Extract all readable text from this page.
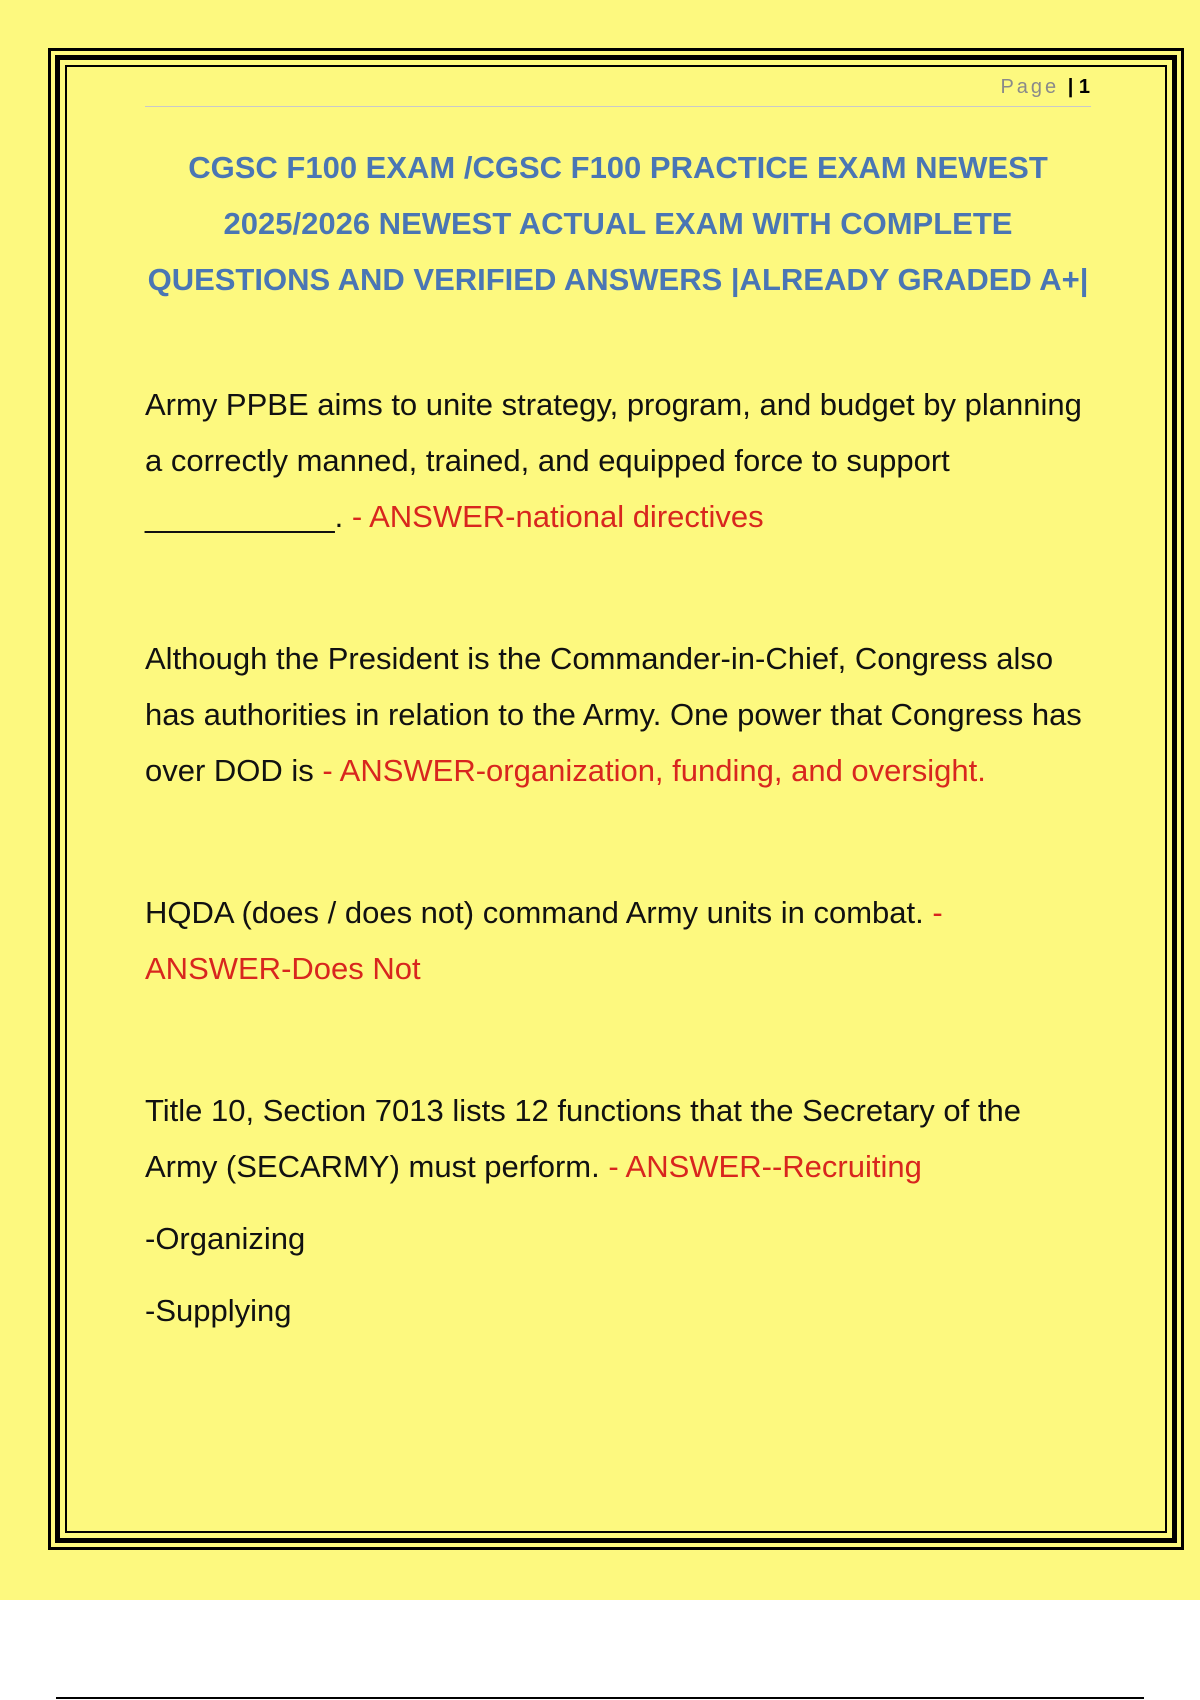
Page | 1
CGSC F100 EXAM /CGSC F100 PRACTICE EXAM NEWEST 2025/2026 NEWEST ACTUAL EXAM WITH COMPLETE QUESTIONS AND VERIFIED ANSWERS |ALREADY GRADED A+|

Army PPBE aims to unite strategy, program, and budget by planning a correctly manned, trained, and equipped force to support ___________. - ANSWER-national directives

Although the President is the Commander-in-Chief, Congress also has authorities in relation to the Army. One power that Congress has over DOD is - ANSWER-organization, funding, and oversight.

HQDA (does / does not) command Army units in combat. - ANSWER-Does Not

Title 10, Section 7013 lists 12 functions that the Secretary of the Army (SECARMY) must perform. - ANSWER--Recruiting

-Organizing

-Supplying
